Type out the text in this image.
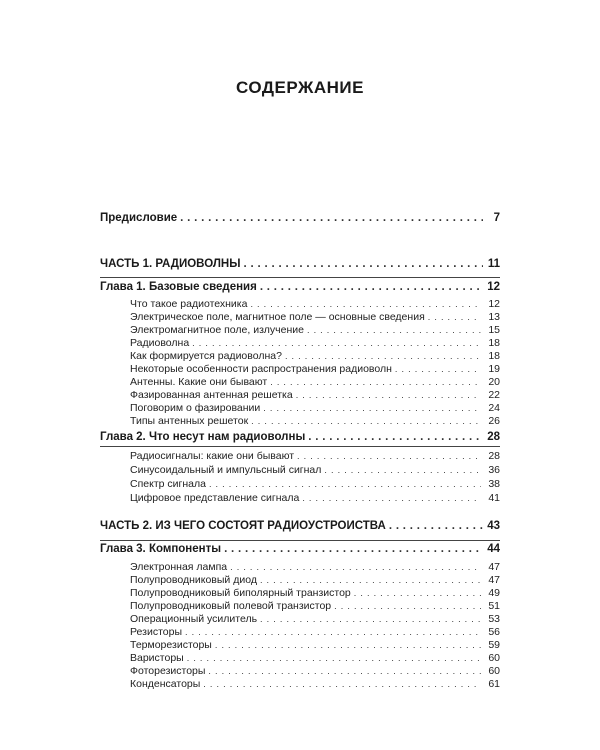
СОДЕРЖАНИЕ
Предисловие . . .	7
ЧАСТЬ 1. РАДИОВОЛНЫ . . .	11
Глава 1. Базовые сведения . . .	12
Что такое радиотехника . . .	12
Электрическое поле, магнитное поле — основные сведения . . .	13
Электромагнитное поле, излучение . . .	15
Радиоволна . . .	18
Как формируется радиоволна? . . .	18
Некоторые особенности распространения радиоволн . . .	19
Антенны. Какие они бывают . . .	20
Фазированная антенная решетка . . .	22
Поговорим о фазировании . . .	24
Типы антенных решеток . . .	26
Глава 2. Что несут нам радиоволны . . .	28
Радиосигналы: какие они бывают . . .	28
Синусоидальный и импульсный сигнал . . .	36
Спектр сигнала . . .	38
Цифровое представление сигнала . . .	41
ЧАСТЬ 2. ИЗ ЧЕГО СОСТОЯТ РАДИОУСТРОЙСТВА . . .	43
Глава 3. Компоненты . . .	44
Электронная лампа . . .	47
Полупроводниковый диод . . .	47
Полупроводниковый биполярный транзистор . . .	49
Полупроводниковый полевой транзистор . . .	51
Операционный усилитель . . .	53
Резисторы . . .	56
Терморезисторы . . .	59
Варисторы . . .	60
Фоторезисторы . . .	60
Конденсаторы . . .	61
